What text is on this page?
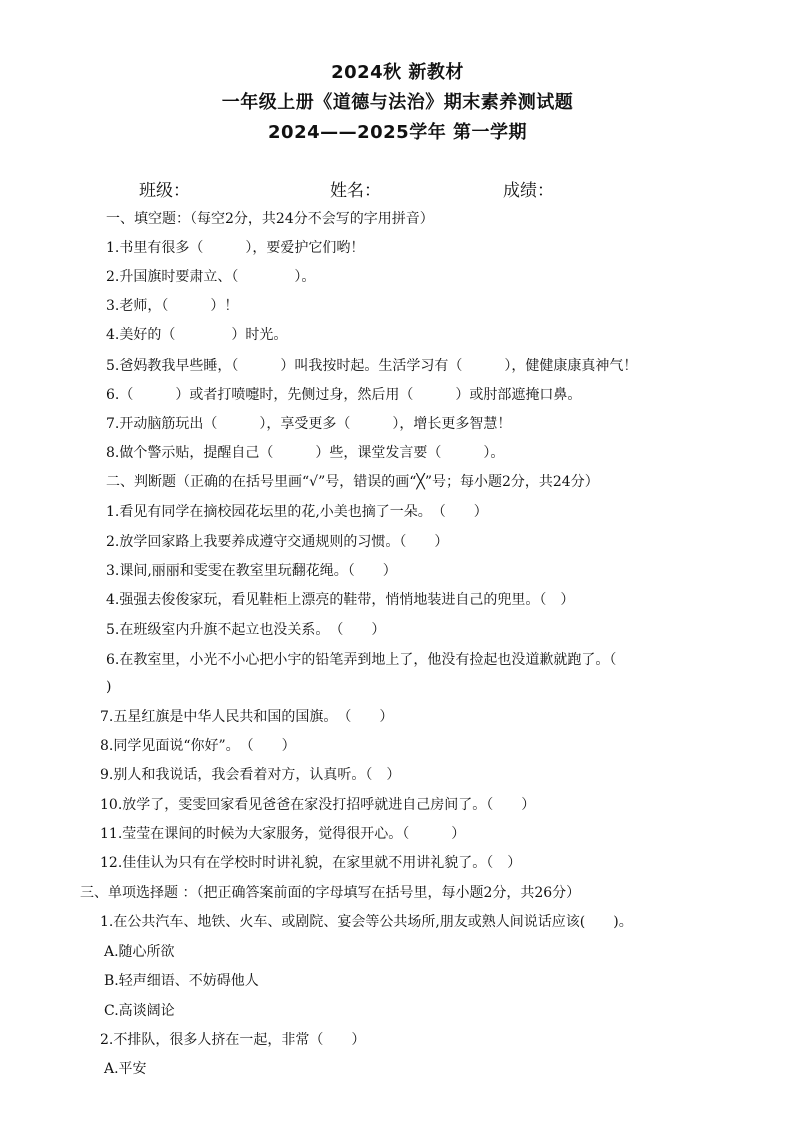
2024秋 新教材
一年级上册《道德与法治》期末素养测试题
2024——2025学年 第一学期
班级：	姓名：	成绩：
一、填空题：（每空2分，共24分不会写的字用拼音）
1.书里有很多（　　　），要爱护它们哟！
2.升国旗时要肃立、（　　　　）。
3.老师，（　　　）！
4.美好的（　　　　）时光。
5.爸妈教我早些睡，（　　　）叫我按时起。生活学习有（　　　），健健康康真神气！
6.（　　　）或者打喷嚏时，先侧过身，然后用（　　　）或肘部遮掩口鼻。
7.开动脑筋玩出（　　　），享受更多（　　　），增长更多智慧！
8.做个警示贴，提醒自己（　　　）些，课堂发言要（　　　）。
二、判断题（正确的在括号里画“√”号，错误的画“╳”号；每小题2分，共24分）
1.看见有同学在摘校园花坛里的花,小美也摘了一朵。　（　　）
2.放学回家路上我要养成遵守交通规则的习惯。（　　）
3.课间,丽丽和雯雯在教室里玩翻花绳。（　　）
4.强强去俊俊家玩，看见鞋柜上漂亮的鞋带，悄悄地装进自己的兜里。（　）
5.在班级室内升旗不起立也没关系。　（　　）
6.在教室里，小光不小心把小宇的铅笔弄到地上了，他没有捡起也没道歉就跑了。（
)
7.五星红旗是中华人民共和国的国旗。　（　　）
8.同学见面说“你好”。　（　　）
9.别人和我说话，我会看着对方，认真听。（　）
10.放学了，雯雯回家看见爸爸在家没打招呼就进自己房间了。（　　）
11.莹莹在课间的时候为大家服务，觉得很开心。（　　　）
12.佳佳认为只有在学校时时讲礼貌，在家里就不用讲礼貌了。（　）
三、单项选择题 ：（把正确答案前面的字母填写在括号里，每小题2分，共26分）
1.在公共汽车、地铁、火车、或剧院、宴会等公共场所,朋友或熟人间说话应该(　　)。
A.随心所欲
B.轻声细语、不妨碍他人
C.高谈阔论
2.不排队，很多人挤在一起，非常（　　）
A.平安
